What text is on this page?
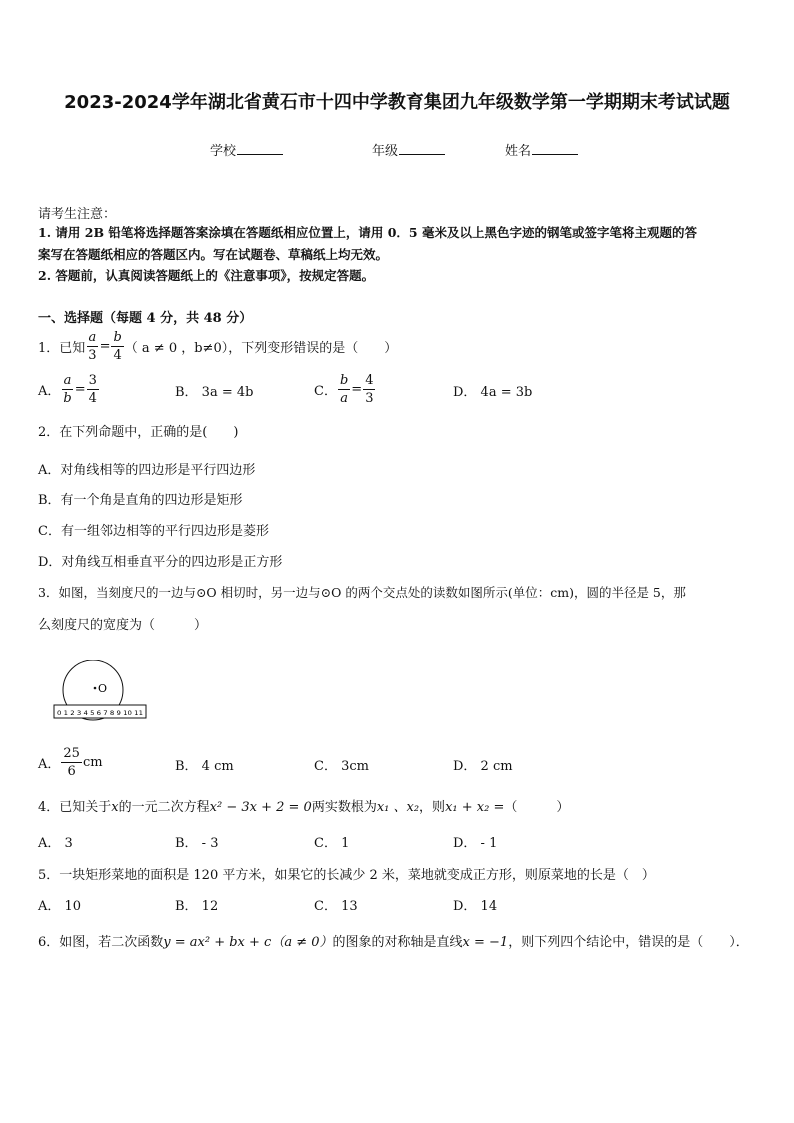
2023-2024学年湖北省黄石市十四中学教育集团九年级数学第一学期期末考试试题
学校	年级	姓名
请考生注意：
1. 请用 2B 铅笔将选择题答案涂填在答题纸相应位置上，请用 0．5 毫米及以上黑色字迹的钢笔或签字笔将主观题的答
案写在答题纸相应的答题区内。写在试题卷、草稿纸上均无效。
2. 答题前，认真阅读答题纸上的《注意事项》，按规定答题。
一、选择题（每题 4 分，共 48 分）
1．已知 $\frac{a}{3} = \frac{b}{4}$ （ a ≠ 0 ，b≠0），下列变形错误的是（　　）
A． $\frac{a}{b} = \frac{3}{4}$	B． 3a = 4b	C． $\frac{b}{a} = \frac{4}{3}$	D． 4a = 3b
2．在下列命题中，正确的是(　　)
A．对角线相等的四边形是平行四边形
B．有一个角是直角的四边形是矩形
C．有一组邻边相等的平行四边形是菱形
D．对角线互相垂直平分的四边形是正方形
3．如图，当刻度尺的一边与⊙O 相切时，另一边与⊙O 的两个交点处的读数如图所示(单位：cm)，圆的半径是 5，那
么刻度尺的宽度为（　　　）
O
0 1 2 3 4 5 6 7 8 9 10 11
A． $\frac{25}{6}$ cm	B． 4 cm	C． 3cm	D． 2 cm
4．已知关于x的一元二次方程x² − 3x + 2 = 0两实数根为x₁ 、x₂，则x₁ + x₂ =（　　　）
A． 3	B． - 3	C． 1	D． - 1
5．一块矩形菜地的面积是 120 平方米，如果它的长减少 2 米，菜地就变成正方形，则原菜地的长是（　）
A． 10	B． 12	C． 13	D． 14
6．如图，若二次函数y = ax² + bx + c（a ≠ 0）的图象的对称轴是直线x = −1，则下列四个结论中，错误的是（　　）．
